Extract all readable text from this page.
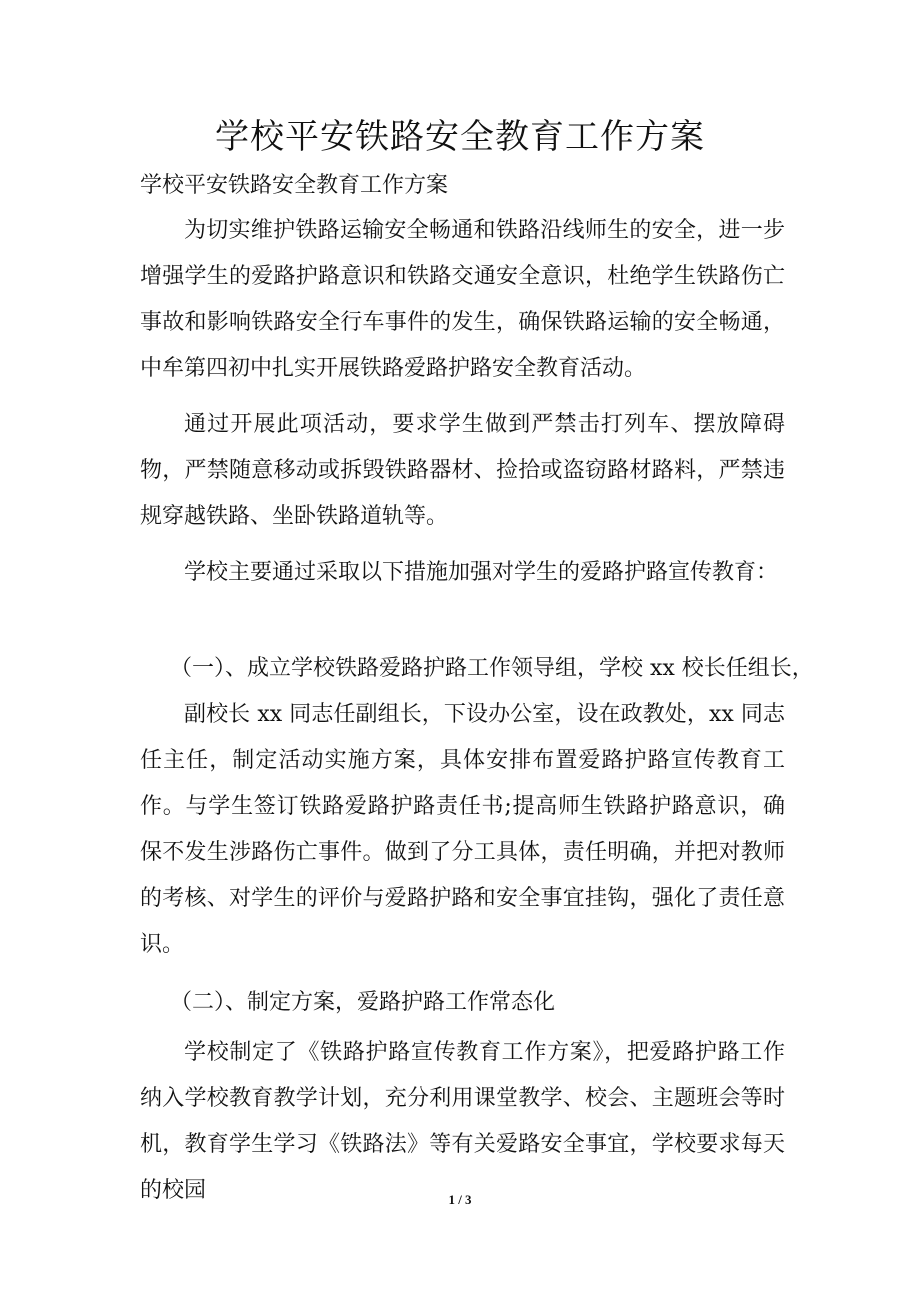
学校平安铁路安全教育工作方案
学校平安铁路安全教育工作方案

为切实维护铁路运输安全畅通和铁路沿线师生的安全，进一步增强学生的爱路护路意识和铁路交通安全意识，杜绝学生铁路伤亡事故和影响铁路安全行车事件的发生，确保铁路运输的安全畅通，中牟第四初中扎实开展铁路爱路护路安全教育活动。

通过开展此项活动，要求学生做到严禁击打列车、摆放障碍物，严禁随意移动或拆毁铁路器材、捡拾或盗窃路材路料，严禁违规穿越铁路、坐卧铁路道轨等。

学校主要通过采取以下措施加强对学生的爱路护路宣传教育：

（一）、成立学校铁路爱路护路工作领导组，学校 xx 校长任组长，

副校长 xx 同志任副组长，下设办公室，设在政教处，xx 同志任主任，制定活动实施方案，具体安排布置爱路护路宣传教育工作。与学生签订铁路爱路护路责任书;提高师生铁路护路意识，确保不发生涉路伤亡事件。做到了分工具体，责任明确，并把对教师的考核、对学生的评价与爱路护路和安全事宜挂钩，强化了责任意识。

（二）、制定方案，爱路护路工作常态化

学校制定了《铁路护路宣传教育工作方案》，把爱路护路工作纳入学校教育教学计划，充分利用课堂教学、校会、主题班会等时机，教育学生学习《铁路法》等有关爱路安全事宜，学校要求每天的校园	1 / 3
